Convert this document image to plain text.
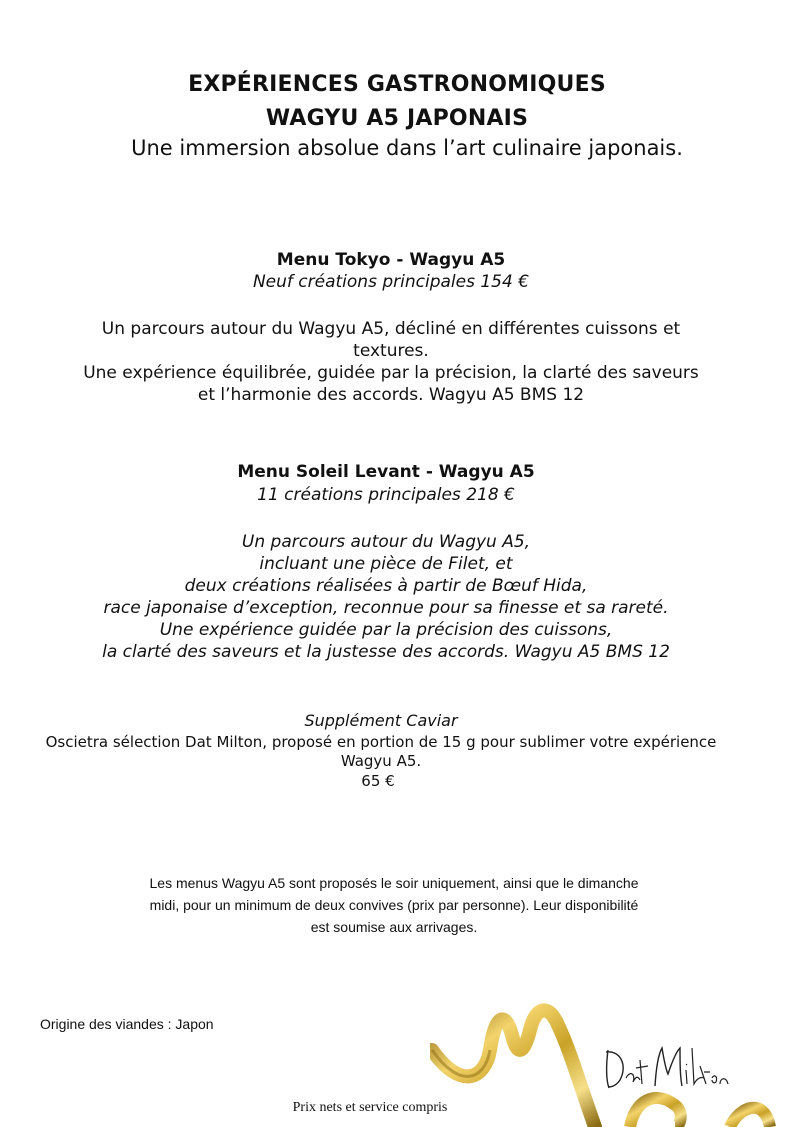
EXPÉRIENCES GASTRONOMIQUES
WAGYU A5 JAPONAIS
Une immersion absolue dans l’art culinaire japonais.
Menu Tokyo - Wagyu A5
Neuf créations principales 154 €
Un parcours autour du Wagyu A5, décliné en différentes cuissons et
textures.
Une expérience équilibrée, guidée par la précision, la clarté des saveurs
et l’harmonie des accords. Wagyu A5 BMS 12
Menu Soleil Levant - Wagyu A5
11 créations principales 218 €
Un parcours autour du Wagyu A5,
incluant une pièce de Filet, et
deux créations réalisées à partir de Bœuf Hida,
race japonaise d’exception, reconnue pour sa finesse et sa rareté.
Une expérience guidée par la précision des cuissons,
la clarté des saveurs et la justesse des accords. Wagyu A5 BMS 12
Supplément Caviar
Oscietra sélection Dat Milton, proposé en portion de 15 g pour sublimer votre expérience
Wagyu A5.
65 €
Les menus Wagyu A5 sont proposés le soir uniquement, ainsi que le dimanche
midi, pour un minimum de deux convives (prix par personne). Leur disponibilité
est soumise aux arrivages.
Origine des viandes : Japon
Prix nets et service compris
